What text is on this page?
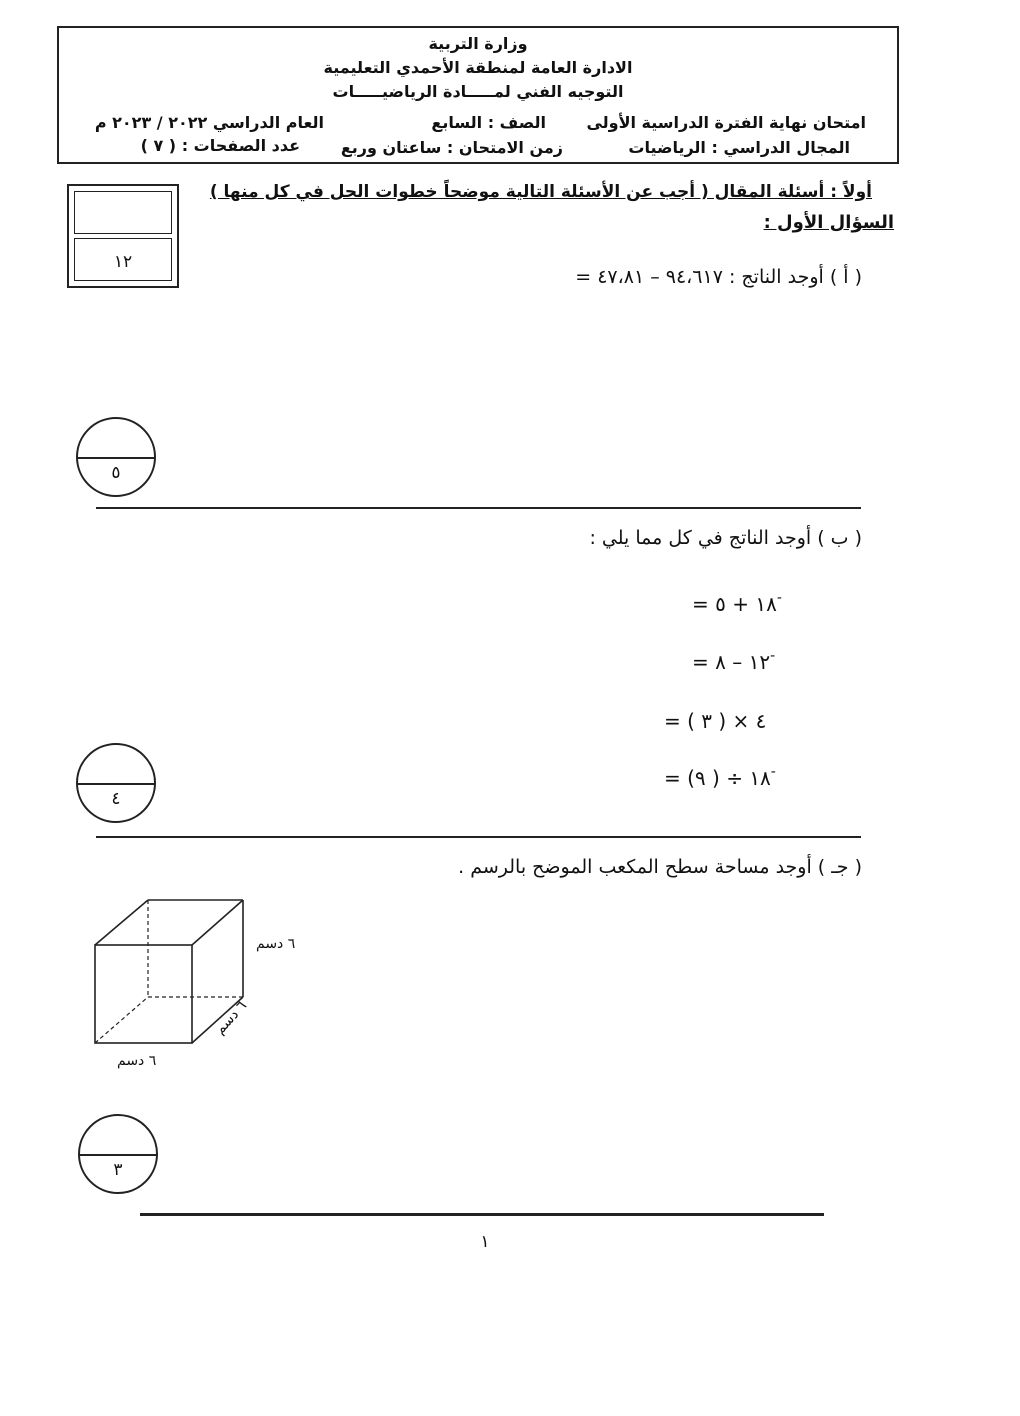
وزارة التربية
الادارة العامة لمنطقة الأحمدي التعليمية
التوجيه الفني لمـــــادة الرياضيـــــات
امتحان نهاية الفترة الدراسية الأولى
الصف : السابع
العام الدراسي ٢٠٢٢ / ٢٠٢٣ م
المجال الدراسي : الرياضيات
زمن الامتحان : ساعتان وربع
عدد الصفحات : ( ٧ )
١٢
أولاً : أسئلة المقال ( أجب عن الأسئلة التالية موضحاً خطوات الحل في كل منها )
السؤال الأول :
( أ ) أوجد الناتج : ٩٤،٦١٧ – ٤٧،٨١ =
٥
( ب ) أوجد الناتج في كل مما يلي :
= ١٨ + ٥-
= ١٢ – ٨-
= ( ٣ ) × ٤
= (٩ ) ÷ ١٨-
٤
( جـ ) أوجد مساحة سطح المكعب الموضح بالرسم .
٦ دسم
٦ دسم
٦ دسم
٣
١
